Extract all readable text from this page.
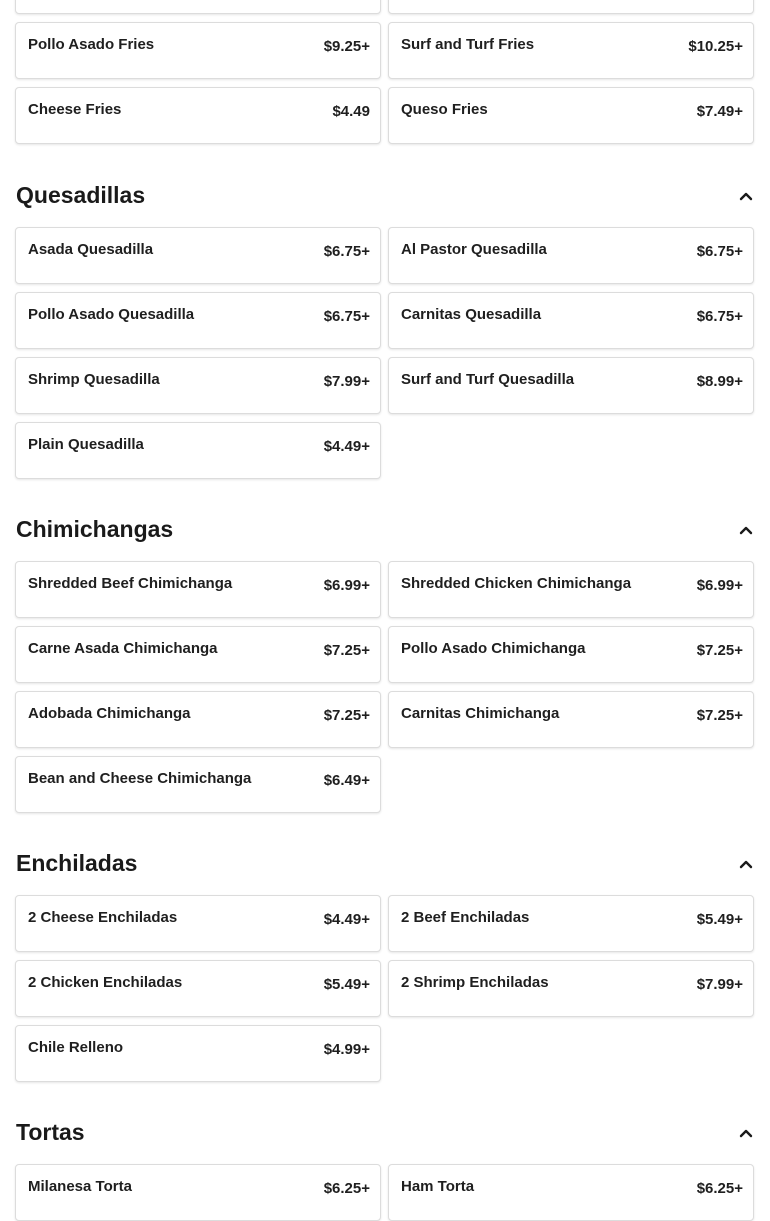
Pollo Asado Fries	$9.25+ Surf and Turf Fries	$10.25+
Cheese Fries	$4.49 Queso Fries	$7.49+
Quesadillas
Asada Quesadilla	$6.75+ Al Pastor Quesadilla	$6.75+
Pollo Asado Quesadilla	$6.75+ Carnitas Quesadilla	$6.75+
Shrimp Quesadilla	$7.99+ Surf and Turf Quesadilla	$8.99+
Plain Quesadilla	$4.49+
Chimichangas
Shredded Beef Chimichanga	$6.99+ Shredded Chicken Chimichanga	$6.99+
Carne Asada Chimichanga	$7.25+ Pollo Asado Chimichanga	$7.25+
Adobada Chimichanga	$7.25+ Carnitas Chimichanga	$7.25+
Bean and Cheese Chimichanga	$6.49+
Enchiladas
2 Cheese Enchiladas	$4.49+ 2 Beef Enchiladas	$5.49+
2 Chicken Enchiladas	$5.49+ 2 Shrimp Enchiladas	$7.99+
Chile Relleno	$4.99+
Tortas
Milanesa Torta	$6.25+ Ham Torta	$6.25+
